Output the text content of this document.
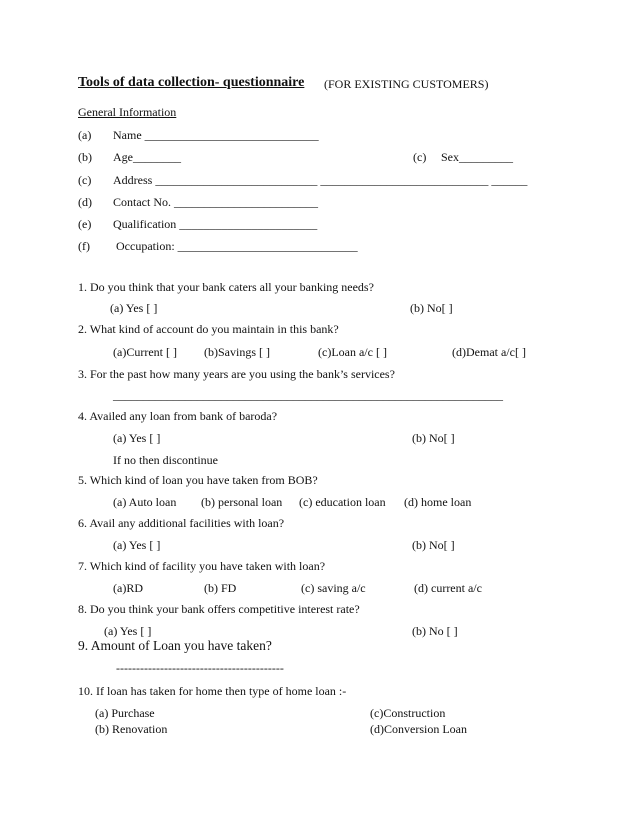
Tools of data collection- questionnaire (FOR EXISTING CUSTOMERS)
General Information
(a) Name _____________________________
(b) Age________	(c) Sex_________
(c) Address ___________________________ ____________________________ ______
(d) Contact No. ________________________
(e) Qualification _______________________
(f) Occupation: ______________________________
1. Do you think that your bank caters all your banking needs?
(a) Yes [ ]	(b) No[ ]
2. What kind of account do you maintain in this bank?
(a)Current [ ] (b)Savings [ ]	(c)Loan a/c [ ]	(d)Demat a/c[ ]
3. For the past how many years are you using the bank’s services?
_________________________________________________________________
4. Availed any loan from bank of baroda?
(a) Yes [ ]	(b) No[ ]
If no then discontinue
5. Which kind of loan you have taken from BOB?
(a) Auto loan (b) personal loan (c) education loan (d) home loan
6. Avail any additional facilities with loan?
(a) Yes [ ]	(b) No[ ]
7. Which kind of facility you have taken with loan?
(a)RD	(b) FD	(c) saving a/c	(d) current a/c
8. Do you think your bank offers competitive interest rate?
(a) Yes [ ]	(b) No [ ]
9. Amount of Loan you have taken?
------------------------------------------
10. If loan has taken for home then type of home loan :-
(a) Purchase	(c)Construction
(b) Renovation	(d)Conversion Loan
